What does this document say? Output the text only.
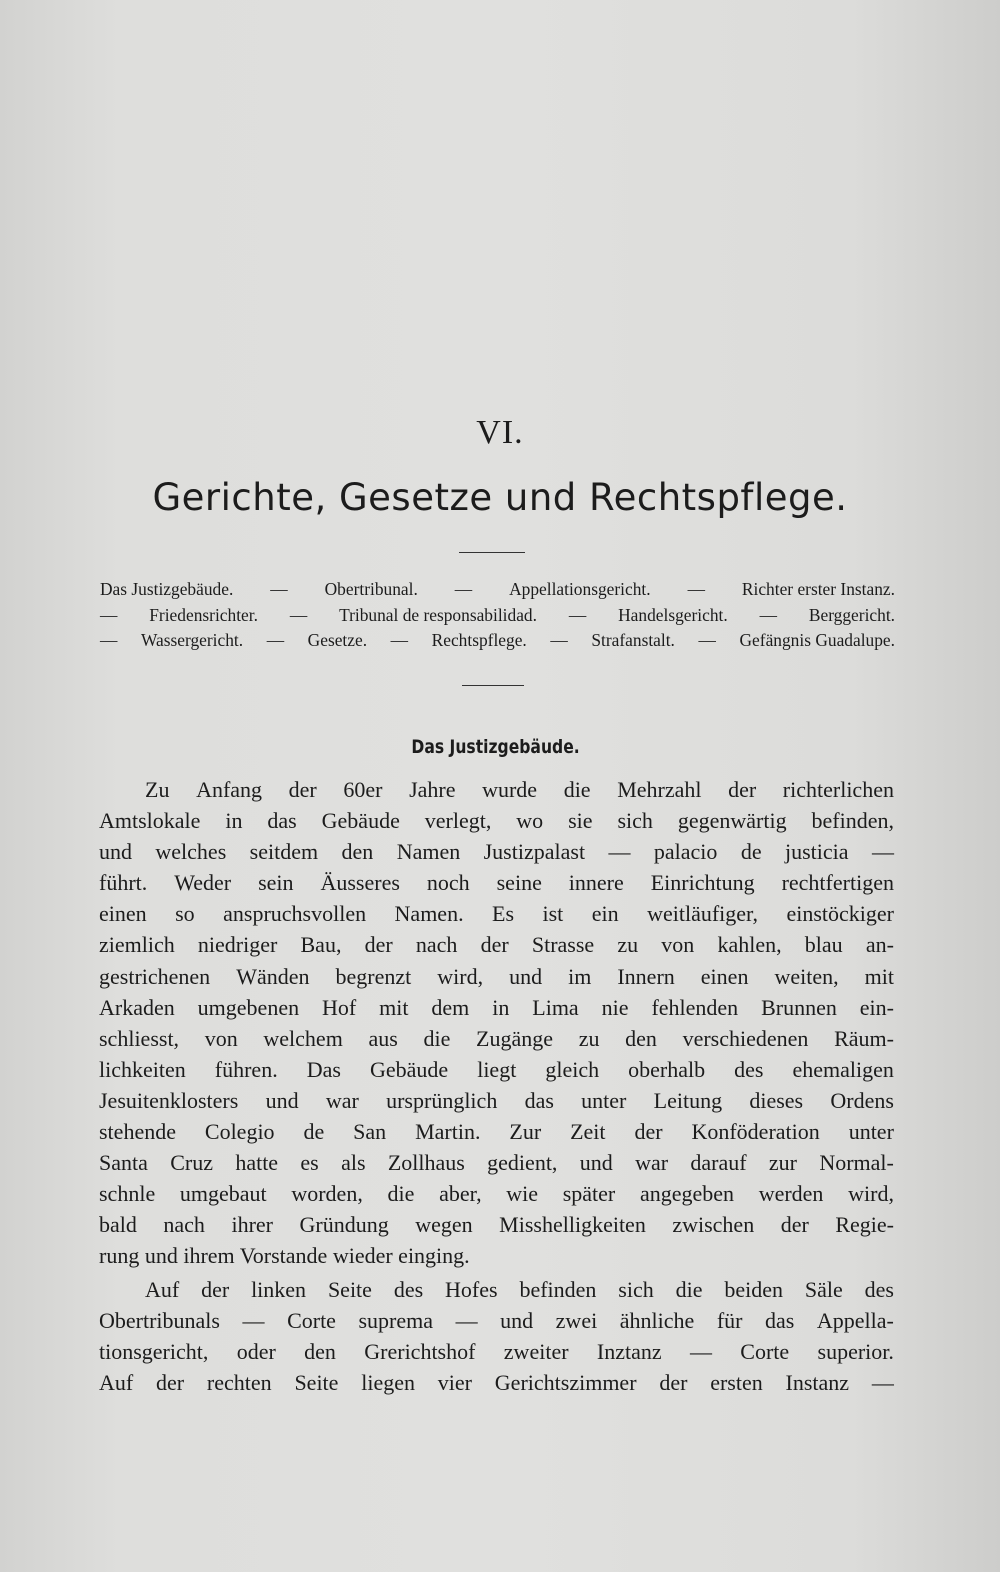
VI.
Gerichte, Gesetze und Rechtspflege.
Das Justizgebäude. — Obertribunal. — Appellationsgericht. — Richter erster Instanz.
— Friedensrichter. — Tribunal de responsabilidad. — Handelsgericht. — Berggericht.
— Wassergericht. — Gesetze. — Rechtspflege. — Strafanstalt. — Gefängnis Guadalupe.
Das Justizgebäude.
Zu Anfang der 60er Jahre wurde die Mehrzahl der richterlichen
Amtslokale in das Gebäude verlegt, wo sie sich gegenwärtig befinden,
und welches seitdem den Namen Justizpalast — palacio de justicia —
führt. Weder sein Äusseres noch seine innere Einrichtung rechtfertigen
einen so anspruchsvollen Namen. Es ist ein weitläufiger, einstöckiger
ziemlich niedriger Bau, der nach der Strasse zu von kahlen, blau an-
gestrichenen Wänden begrenzt wird, und im Innern einen weiten, mit
Arkaden umgebenen Hof mit dem in Lima nie fehlenden Brunnen ein-
schliesst, von welchem aus die Zugänge zu den verschiedenen Räum-
lichkeiten führen. Das Gebäude liegt gleich oberhalb des ehemaligen
Jesuitenklosters und war ursprünglich das unter Leitung dieses Ordens
stehende Colegio de San Martin. Zur Zeit der Konföderation unter
Santa Cruz hatte es als Zollhaus gedient, und war darauf zur Normal-
schnle umgebaut worden, die aber, wie später angegeben werden wird,
bald nach ihrer Gründung wegen Misshelligkeiten zwischen der Regie-
rung und ihrem Vorstande wieder einging.
Auf der linken Seite des Hofes befinden sich die beiden Säle des
Obertribunals — Corte suprema — und zwei ähnliche für das Appella-
tionsgericht, oder den Grerichtshof zweiter Inztanz — Corte superior.
Auf der rechten Seite liegen vier Gerichtszimmer der ersten Instanz —
